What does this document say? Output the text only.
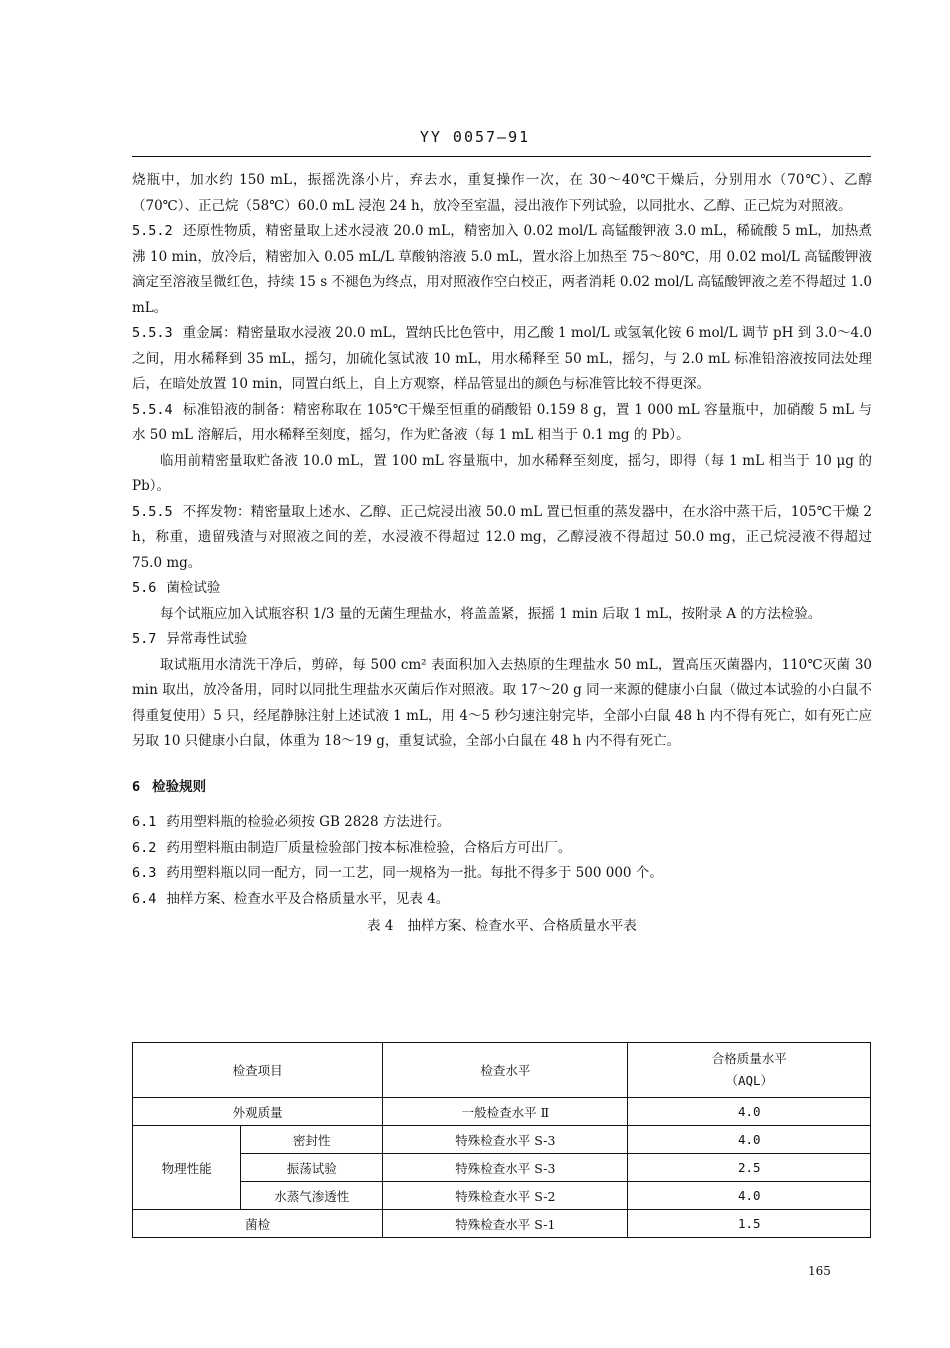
YY 0057—91

烧瓶中，加水约 150 mL，振摇洗涤小片，弃去水，重复操作一次，在 30～40℃干燥后，分别用水（70℃）、乙醇（70℃）、正己烷（58℃）60.0 mL 浸泡 24 h，放冷至室温，浸出液作下列试验，以同批水、乙醇、正己烷为对照液。

5.5.2 还原性物质，精密量取上述水浸液 20.0 mL，精密加入 0.02 mol/L 高锰酸钾液 3.0 mL，稀硫酸 5 mL，加热煮沸 10 min，放冷后，精密加入 0.05 mL/L 草酸钠溶液 5.0 mL，置水浴上加热至 75～80℃，用 0.02 mol/L 高锰酸钾液滴定至溶液呈微红色，持续 15 s 不褪色为终点，用对照液作空白校正，两者消耗 0.02 mol/L 高锰酸钾液之差不得超过 1.0 mL。

5.5.3 重金属：精密量取水浸液 20.0 mL，置纳氏比色管中，用乙酸 1 mol/L 或氢氧化铵 6 mol/L 调节 pH 到 3.0～4.0 之间，用水稀释到 35 mL，摇匀，加硫化氢试液 10 mL，用水稀释至 50 mL，摇匀，与 2.0 mL 标准铅溶液按同法处理后，在暗处放置 10 min，同置白纸上，自上方观察，样品管显出的颜色与标准管比较不得更深。

5.5.4 标准铅液的制备：精密称取在 105℃干燥至恒重的硝酸铅 0.159 8 g，置 1 000 mL 容量瓶中，加硝酸 5 mL 与水 50 mL 溶解后，用水稀释至刻度，摇匀，作为贮备液（每 1 mL 相当于 0.1 mg 的 Pb）。

临用前精密量取贮备液 10.0 mL，置 100 mL 容量瓶中，加水稀释至刻度，摇匀，即得（每 1 mL 相当于 10 μg 的 Pb）。

5.5.5 不挥发物：精密量取上述水、乙醇、正己烷浸出液 50.0 mL 置已恒重的蒸发器中，在水浴中蒸干后，105℃干燥 2 h，称重，遗留残渣与对照液之间的差，水浸液不得超过 12.0 mg，乙醇浸液不得超过 50.0 mg，正己烷浸液不得超过 75.0 mg。

5.6 菌检试验

每个试瓶应加入试瓶容积 1/3 量的无菌生理盐水，将盖盖紧，振摇 1 min 后取 1 mL，按附录 A 的方法检验。

5.7 异常毒性试验

取试瓶用水清洗干净后，剪碎，每 500 cm² 表面积加入去热原的生理盐水 50 mL，置高压灭菌器内，110℃灭菌 30 min 取出，放冷备用，同时以同批生理盐水灭菌后作对照液。取 17～20 g 同一来源的健康小白鼠（做过本试验的小白鼠不得重复使用）5 只，经尾静脉注射上述试液 1 mL，用 4～5 秒匀速注射完毕，全部小白鼠 48 h 内不得有死亡，如有死亡应另取 10 只健康小白鼠，体重为 18～19 g，重复试验，全部小白鼠在 48 h 内不得有死亡。

6 检验规则

6.1 药用塑料瓶的检验必须按 GB 2828 方法进行。

6.2 药用塑料瓶由制造厂质量检验部门按本标准检验，合格后方可出厂。

6.3 药用塑料瓶以同一配方，同一工艺，同一规格为一批。每批不得多于 500 000 个。

6.4 抽样方案、检查水平及合格质量水平，见表 4。

表 4 抽样方案、检查水平、合格质量水平表

检查项目		检查水平	合格质量水平
（AQL）

外观质量		一般检查水平 Ⅱ	4.0
物理性能	密封性	特殊检查水平 S-3	4.0
	振荡试验	特殊检查水平 S-3	2.5
	水蒸气渗透性	特殊检查水平 S-2	4.0
菌检		特殊检查水平 S-1	1.5
165
